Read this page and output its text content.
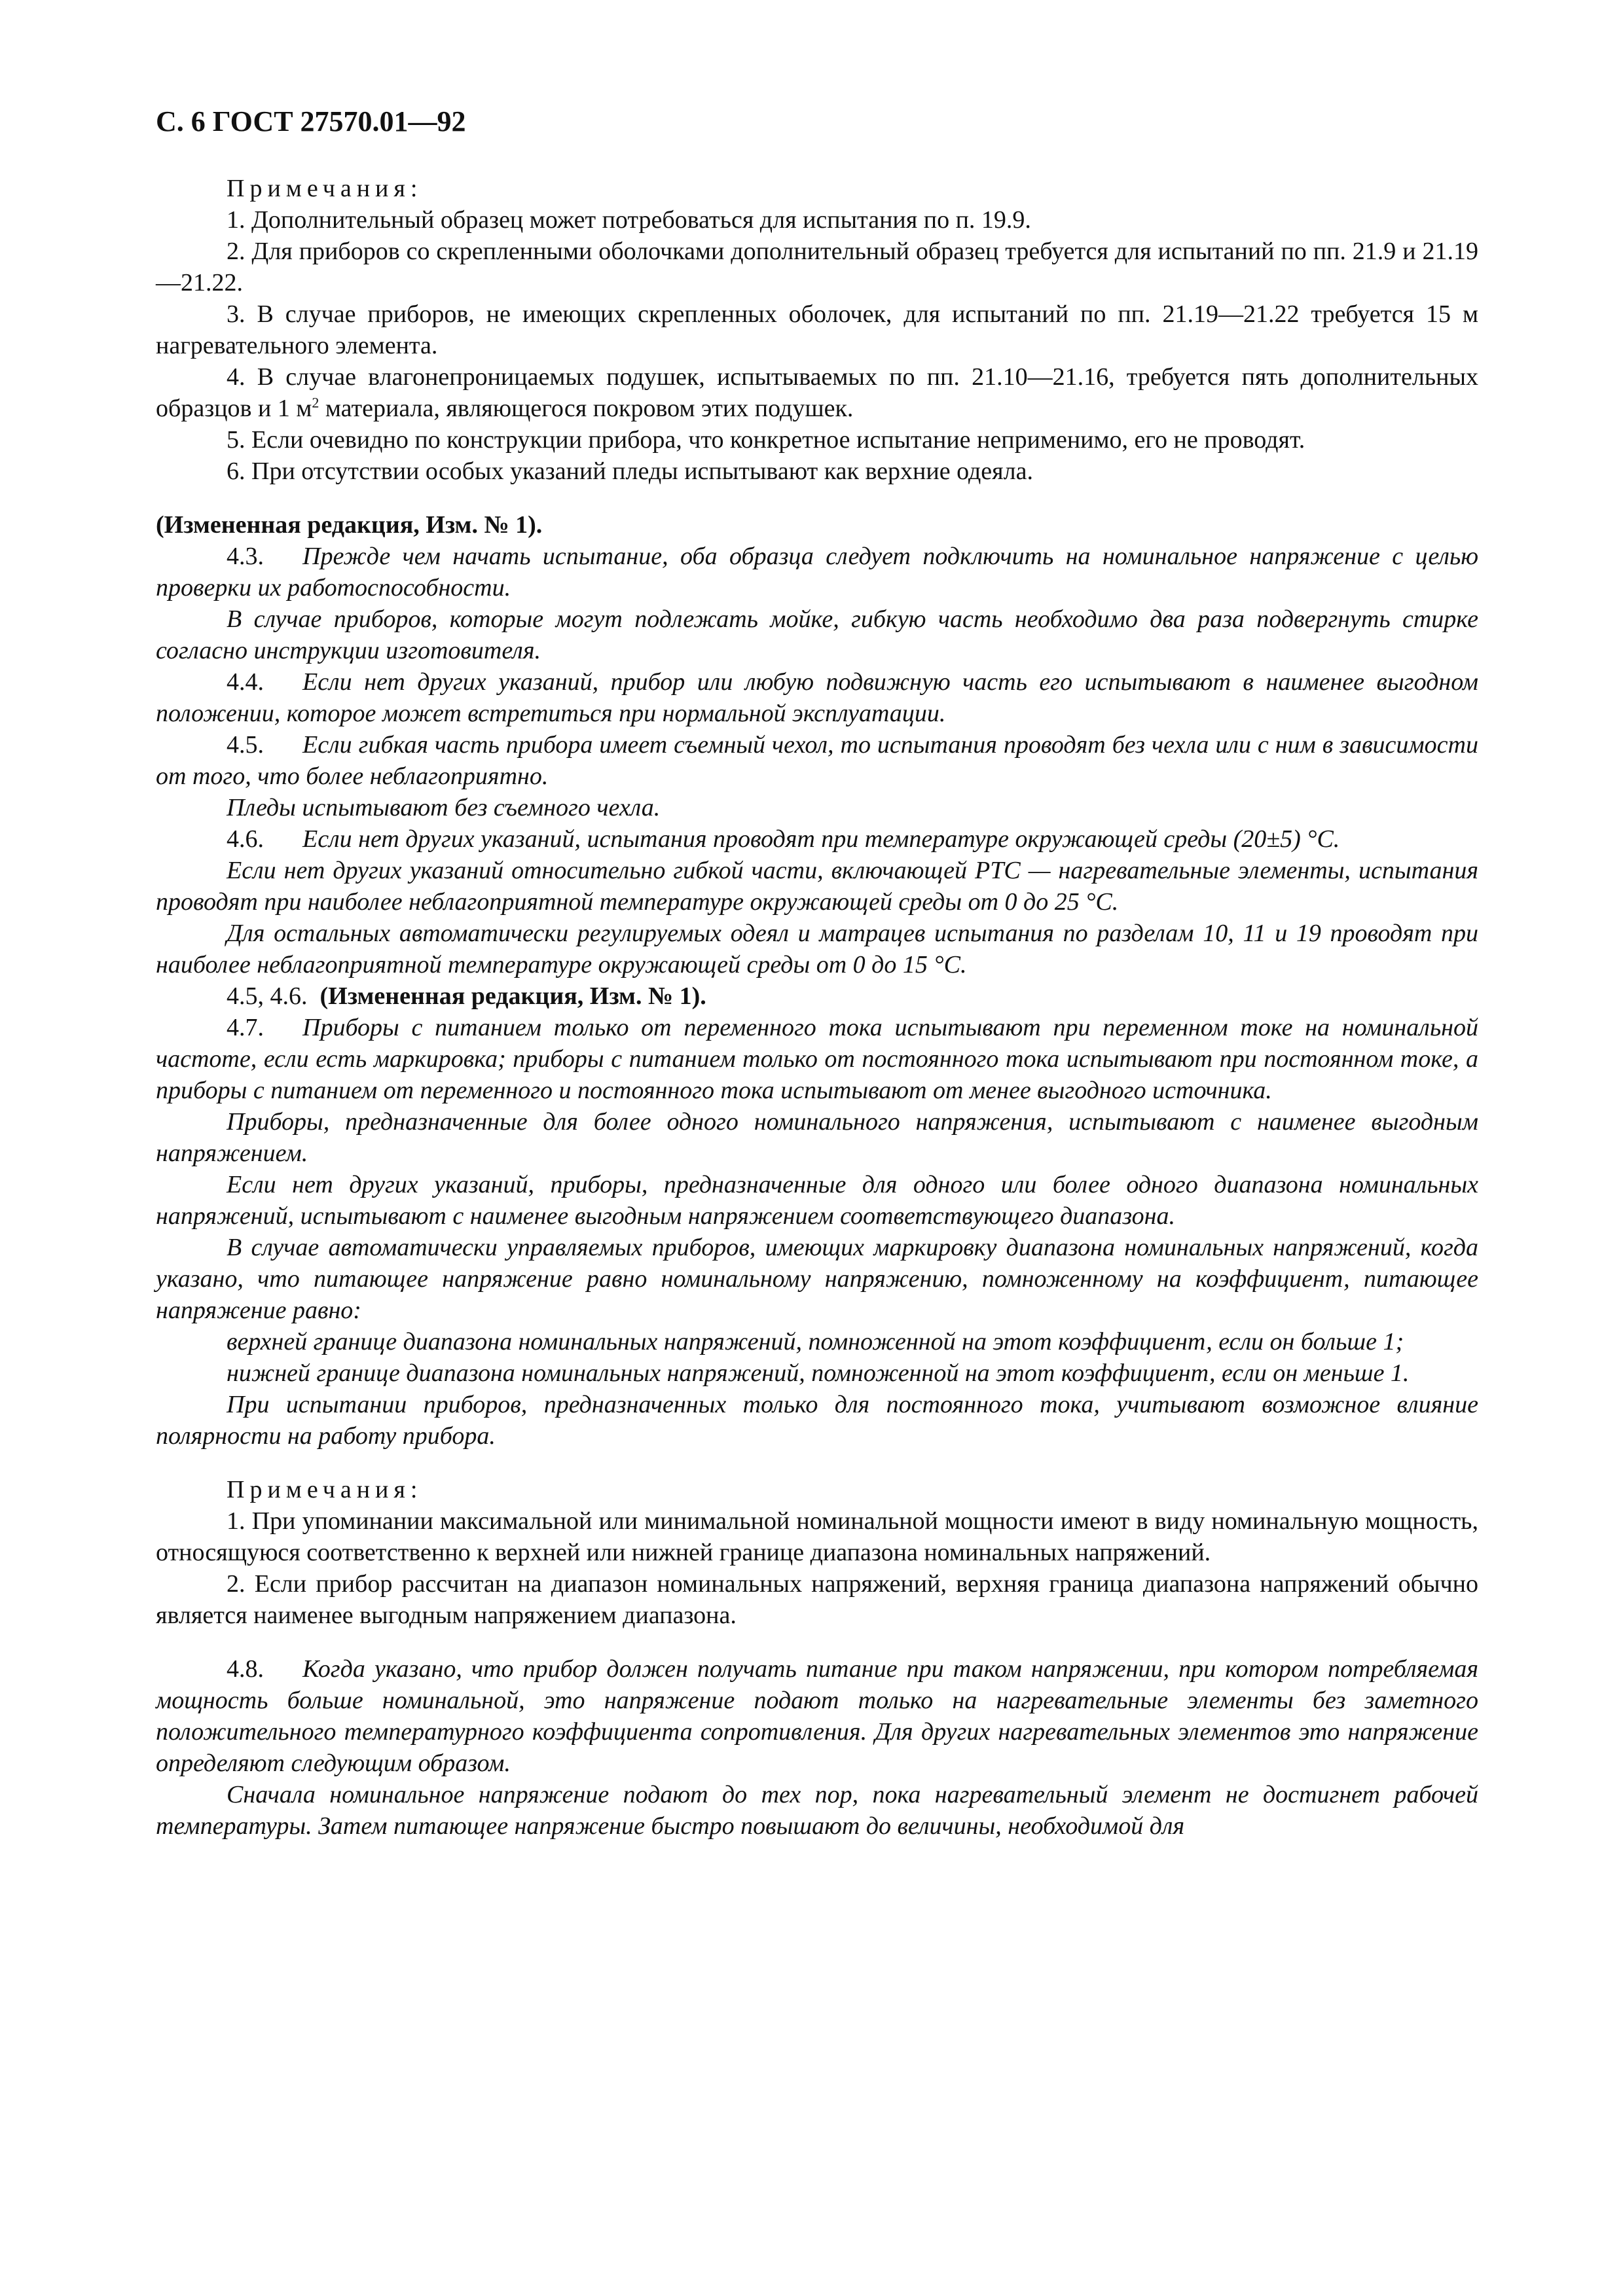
С. 6 ГОСТ 27570.01—92

Примечания:

1. Дополнительный образец может потребоваться для испытания по п. 19.9.

2. Для приборов со скрепленными оболочками дополнительный образец требуется для испытаний по пп. 21.9 и 21.19—21.22.

3. В случае приборов, не имеющих скрепленных оболочек, для испытаний по пп. 21.19—21.22 требуется 15 м нагревательного элемента.

4. В случае влагонепроницаемых подушек, испытываемых по пп. 21.10—21.16, требуется пять дополнительных образцов и 1 $м^2$ материала, являющегося покровом этих подушек.

5. Если очевидно по конструкции прибора, что конкретное испытание неприменимо, его не проводят.

6. При отсутствии особых указаний пледы испытывают как верхние одеяла.

(Измененная редакция, Изм. № 1).

4.3. Прежде чем начать испытание, оба образца следует подключить на номинальное напряжение с целью проверки их работоспособности.

В случае приборов, которые могут подлежать мойке, гибкую часть необходимо два раза подвергнуть стирке согласно инструкции изготовителя.

4.4. Если нет других указаний, прибор или любую подвижную часть его испытывают в наименее выгодном положении, которое может встретиться при нормальной эксплуатации.

4.5. Если гибкая часть прибора имеет съемный чехол, то испытания проводят без чехла или с ним в зависимости от того, что более неблагоприятно.

Пледы испытывают без съемного чехла.

4.6. Если нет других указаний, испытания проводят при температуре окружающей среды (20±5) °С.

Если нет других указаний относительно гибкой части, включающей PTC — нагревательные элементы, испытания проводят при наиболее неблагоприятной температуре окружающей среды от 0 до 25 °С.

Для остальных автоматически регулируемых одеял и матрацев испытания по разделам 10, 11 и 19 проводят при наиболее неблагоприятной температуре окружающей среды от 0 до 15 °С.

4.5, 4.6. (Измененная редакция, Изм. № 1).

4.7. Приборы с питанием только от переменного тока испытывают при переменном токе на номинальной частоте, если есть маркировка; приборы с питанием только от постоянного тока испытывают при постоянном токе, а приборы с питанием от переменного и постоянного тока испытывают от менее выгодного источника.

Приборы, предназначенные для более одного номинального напряжения, испытывают с наименее выгодным напряжением.

Если нет других указаний, приборы, предназначенные для одного или более одного диапазона номинальных напряжений, испытывают с наименее выгодным напряжением соответствующего диапазона.

В случае автоматически управляемых приборов, имеющих маркировку диапазона номинальных напряжений, когда указано, что питающее напряжение равно номинальному напряжению, помноженному на коэффициент, питающее напряжение равно:

верхней границе диапазона номинальных напряжений, помноженной на этот коэффициент, если он больше 1;

нижней границе диапазона номинальных напряжений, помноженной на этот коэффициент, если он меньше 1.

При испытании приборов, предназначенных только для постоянного тока, учитывают возможное влияние полярности на работу прибора.

Примечания:

1. При упоминании максимальной или минимальной номинальной мощности имеют в виду номинальную мощность, относящуюся соответственно к верхней или нижней границе диапазона номинальных напряжений.

2. Если прибор рассчитан на диапазон номинальных напряжений, верхняя граница диапазона напряжений обычно является наименее выгодным напряжением диапазона.

4.8. Когда указано, что прибор должен получать питание при таком напряжении, при котором потребляемая мощность больше номинальной, это напряжение подают только на нагревательные элементы без заметного положительного температурного коэффициента сопротивления. Для других нагревательных элементов это напряжение определяют следующим образом.

Сначала номинальное напряжение подают до тех пор, пока нагревательный элемент не достигнет рабочей температуры. Затем питающее напряжение быстро повышают до величины, необходимой для
